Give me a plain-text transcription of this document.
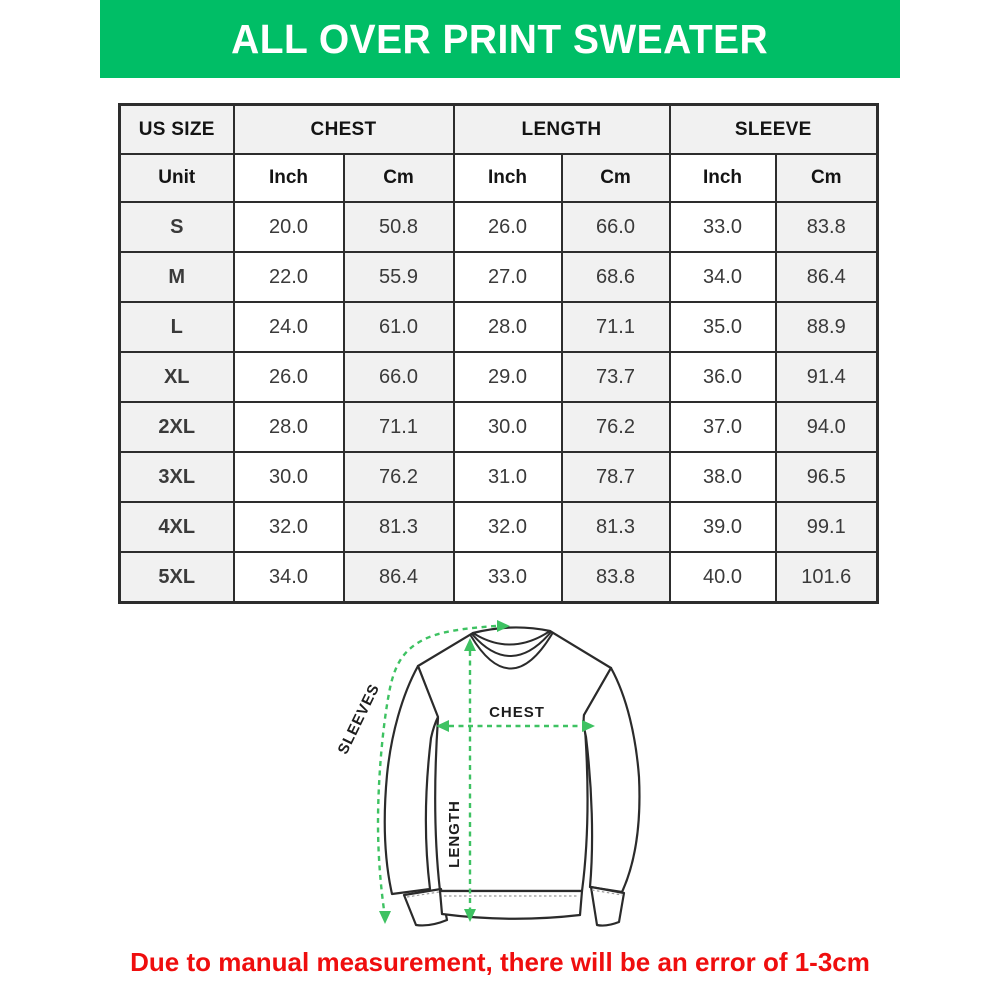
ALL OVER PRINT SWEATER
US SIZE	CHEST		LENGTH		SLEEVE	
Unit	Inch	Cm	Inch	Cm	Inch	Cm
S	20.0	50.8	26.0	66.0	33.0	83.8
M	22.0	55.9	27.0	68.6	34.0	86.4
L	24.0	61.0	28.0	71.1	35.0	88.9
XL	26.0	66.0	29.0	73.7	36.0	91.4
2XL	28.0	71.1	30.0	76.2	37.0	94.0
3XL	30.0	76.2	31.0	78.7	38.0	96.5
4XL	32.0	81.3	32.0	81.3	39.0	99.1
5XL	34.0	86.4	33.0	83.8	40.0	101.6
CHEST
LENGTH
SLEEVES
Due to manual measurement, there will be an error of 1-3cm
